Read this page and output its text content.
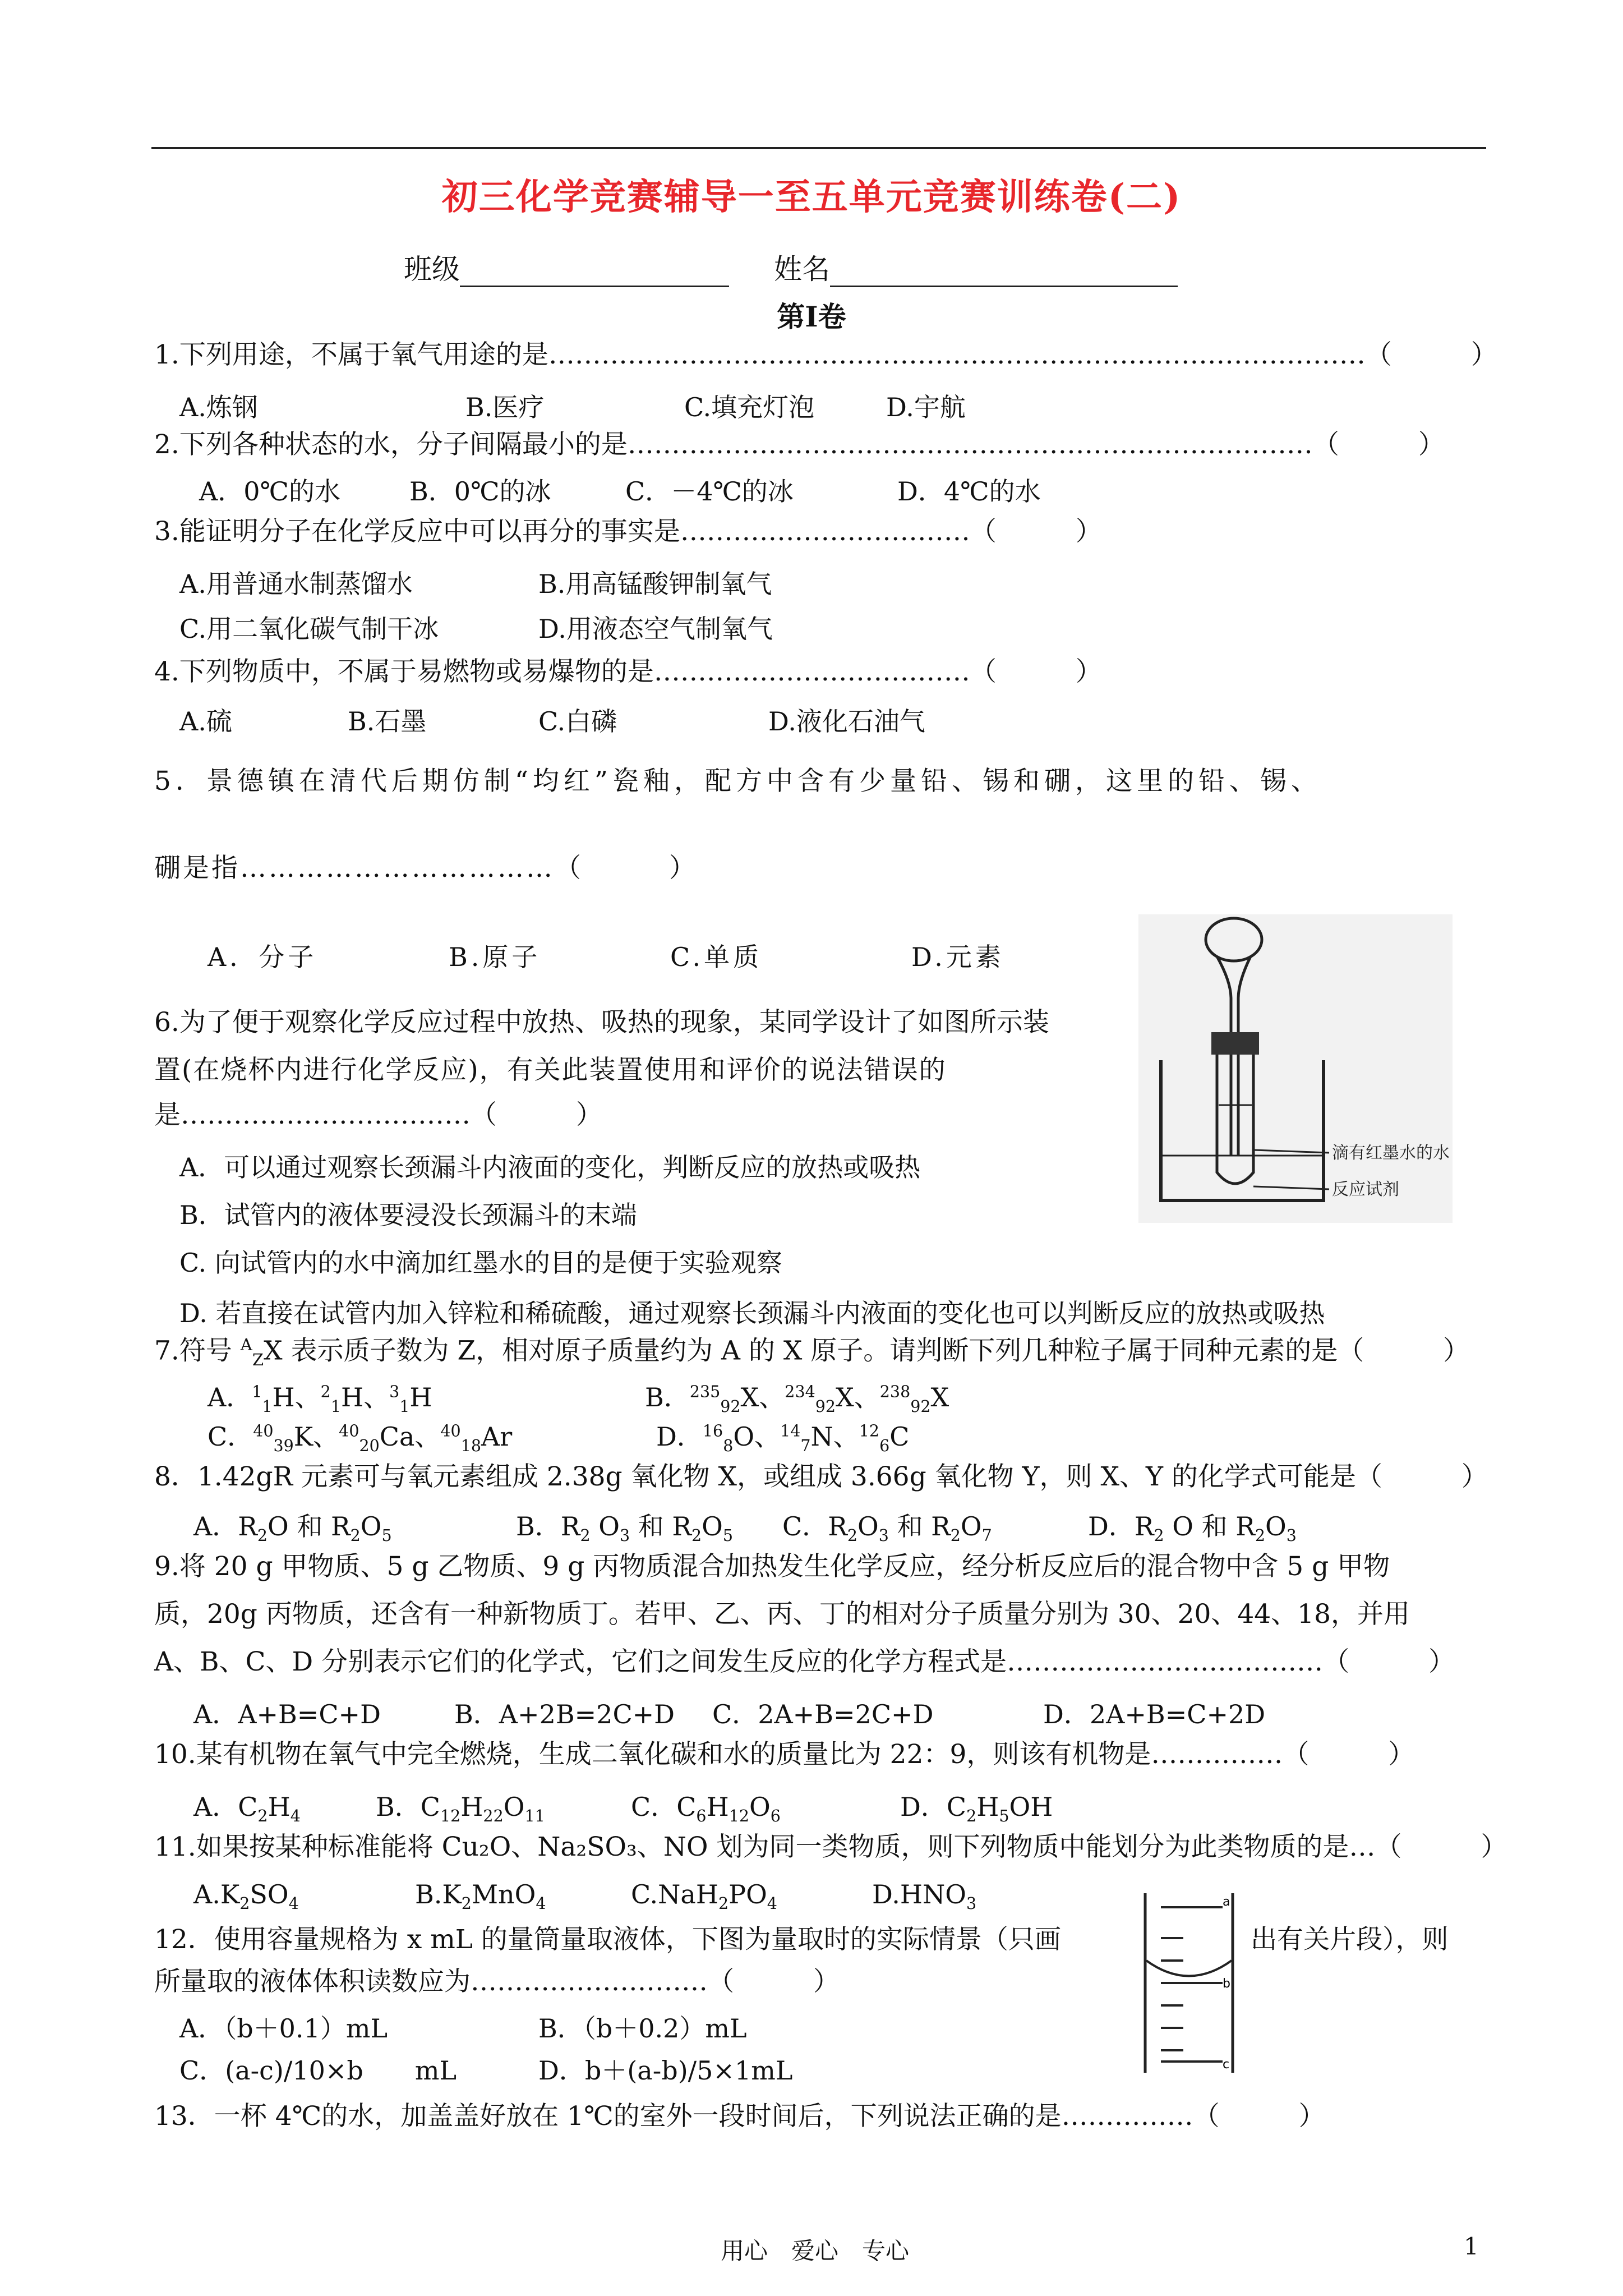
初三化学竞赛辅导一至五单元竞赛训练卷(二)
班级	姓名
第Ⅰ卷
1.下列用途，不属于氧气用途的是…………………………………………………………………………………（　　　）
A.炼钢	B.医疗	C.填充灯泡	D.宇航
2.下列各种状态的水，分子间隔最小的是……………………………………………………………………（　　　）
A．0℃的水	B．0℃的冰	C．－4℃的冰	D．4℃的水
3.能证明分子在化学反应中可以再分的事实是……………………………（　　　）
A.用普通水制蒸馏水	B.用高锰酸钾制氧气
C.用二氧化碳气制干冰	D.用液态空气制氧气
4.下列物质中，不属于易燃物或易爆物的是………………………………（　　　）
A.硫	B.石墨	C.白磷	D.液化石油气
5．景德镇在清代后期仿制“均红”瓷釉，配方中含有少量铅、锡和硼，这里的铅、锡、
硼是指……………………………（　　　）
A．分子	B.原子	C.单质	D.元素
6.为了便于观察化学反应过程中放热、吸热的现象，某同学设计了如图所示装
置(在烧杯内进行化学反应)，有关此装置使用和评价的说法错误的
是……………………………（　　　）
A．可以通过观察长颈漏斗内液面的变化，判断反应的放热或吸热
B．试管内的液体要浸没长颈漏斗的末端
C. 向试管内的水中滴加红墨水的目的是便于实验观察
D. 若直接在试管内加入锌粒和稀硫酸，通过观察长颈漏斗内液面的变化也可以判断反应的放热或吸热
滴有红墨水的水
反应试剂
7.符号 $^A_Z$X 表示质子数为 Z，相对原子质量约为 A 的 X 原子。请判断下列几种粒子属于同种元素的是（　　　）
A．$^1_1$H、$^2_1$H、$^3_1$H	B．$^{235}_{92}$X、$^{234}_{92}$X、$^{238}_{92}$X
C．$^{40}_{39}$K、$^{40}_{20}$Ca、$^{40}_{18}$Ar	D．$^{16}_8$O、$^{14}_7$N、$^{12}_6$C
8．1.42gR 元素可与氧元素组成 2.38g 氧化物 X，或组成 3.66g 氧化物 Y，则 X、Y 的化学式可能是（　　　）
A．$R_2O$ 和 $R_2O_5$	B．$R_2$ $O_3$ 和 $R_2O_5$ C．$R_2O_3$ 和 $R_2O_7$	D．$R_2$ O 和 $R_2O_3$
9.将 20 g 甲物质、5 g 乙物质、9 g 丙物质混合加热发生化学反应，经分析反应后的混合物中含 5 g 甲物
质，20g 丙物质，还含有一种新物质丁。若甲、乙、丙、丁的相对分子质量分别为 30、20、44、18，并用
A、B、C、D 分别表示它们的化学式，它们之间发生反应的化学方程式是………………………………（　　　）
A．A+B=C+D	B．A+2B=2C+D C．2A+B=2C+D	D．2A+B=C+2D
10.某有机物在氧气中完全燃烧，生成二氧化碳和水的质量比为 22：9，则该有机物是……………（　　　）
A．$C_2H_4$	B．$C_{12}H_{22}O_{11}$	C．$C_6H_{12}O_6$	D．$C_2H_5OH$
11.如果按某种标准能将 Cu₂O、Na₂SO₃、NO 划为同一类物质，则下列物质中能划分为此类物质的是…（　　　）
$A.K_2SO_4$	$B.K_2MnO_4$	$C.NaH_2PO_4$	$D.HNO_3$
12．使用容量规格为 x mL 的量筒量取液体，下图为量取时的实际情景（只画	出有关片段），则
所量取的液体体积读数应为………………………（　　　）
A．（b＋0.1）mL	B．（b＋0.2）mL
C．(a-c)/10×b　　mL	D．b＋(a-b)/5×1mL
a
b
c
13．一杯 4℃的水，加盖盖好放在 1℃的室外一段时间后，下列说法正确的是……………（　　　）
用心　爱心　专心	1
